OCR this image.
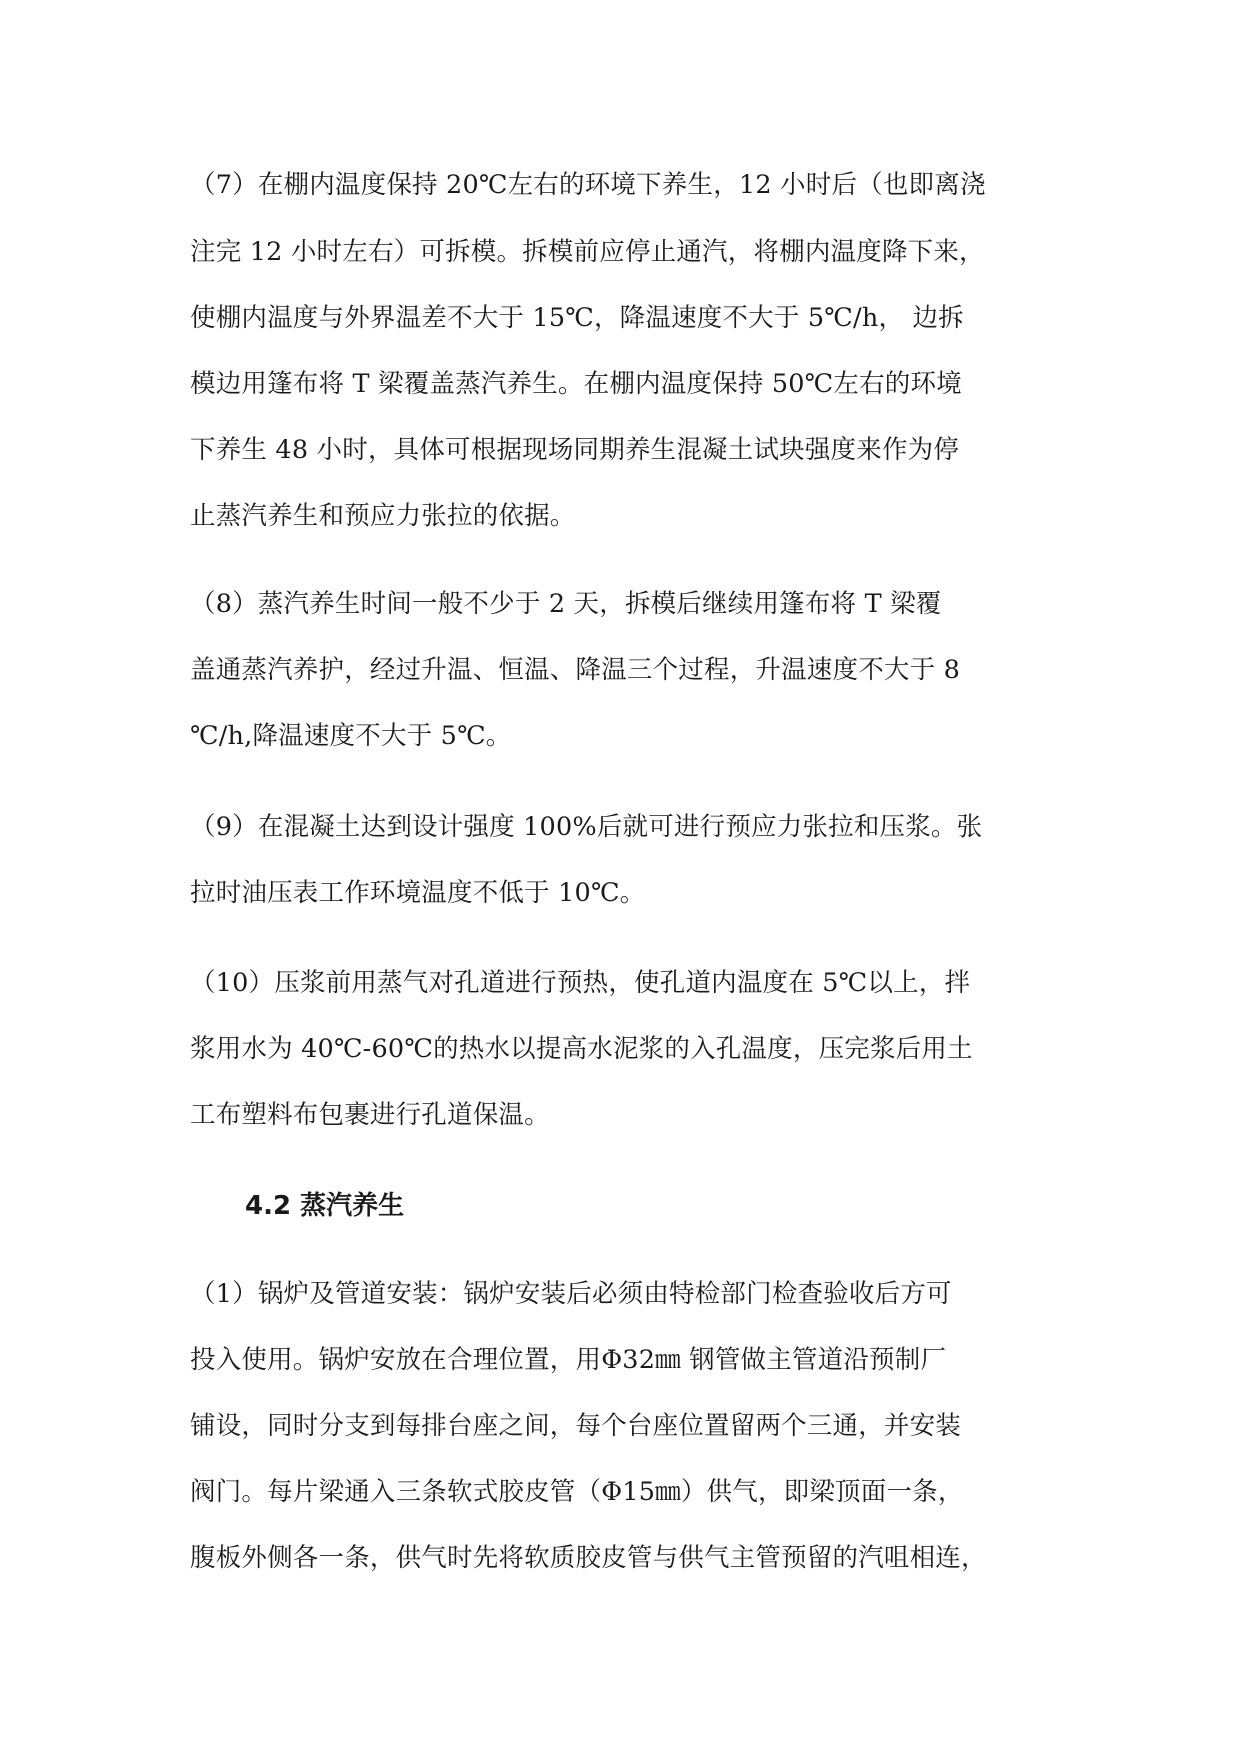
（7）在棚内温度保持 20℃左右的环境下养生，12 小时后（也即离浇
注完 12 小时左右）可拆模。拆模前应停止通汽，将棚内温度降下来，
使棚内温度与外界温差不大于 15℃，降温速度不大于 5℃/h， 边拆
模边用篷布将 T 梁覆盖蒸汽养生。在棚内温度保持 50℃左右的环境
下养生 48 小时，具体可根据现场同期养生混凝土试块强度来作为停
止蒸汽养生和预应力张拉的依据。
（8）蒸汽养生时间一般不少于 2 天，拆模后继续用篷布将 T 梁覆
盖通蒸汽养护，经过升温、恒温、降温三个过程，升温速度不大于 8
℃/h,降温速度不大于 5℃。
（9）在混凝土达到设计强度 100%后就可进行预应力张拉和压浆。张
拉时油压表工作环境温度不低于 10℃。
（10）压浆前用蒸气对孔道进行预热，使孔道内温度在 5℃以上，拌
浆用水为 40℃-60℃的热水以提高水泥浆的入孔温度，压完浆后用土
工布塑料布包裹进行孔道保温。
4.2 蒸汽养生
（1）锅炉及管道安装：锅炉安装后必须由特检部门检查验收后方可
投入使用。锅炉安放在合理位置，用Φ32㎜ 钢管做主管道沿预制厂
铺设，同时分支到每排台座之间，每个台座位置留两个三通，并安装
阀门。每片梁通入三条软式胶皮管（Φ15㎜）供气，即梁顶面一条，
腹板外侧各一条，供气时先将软质胶皮管与供气主管预留的汽咀相连，
